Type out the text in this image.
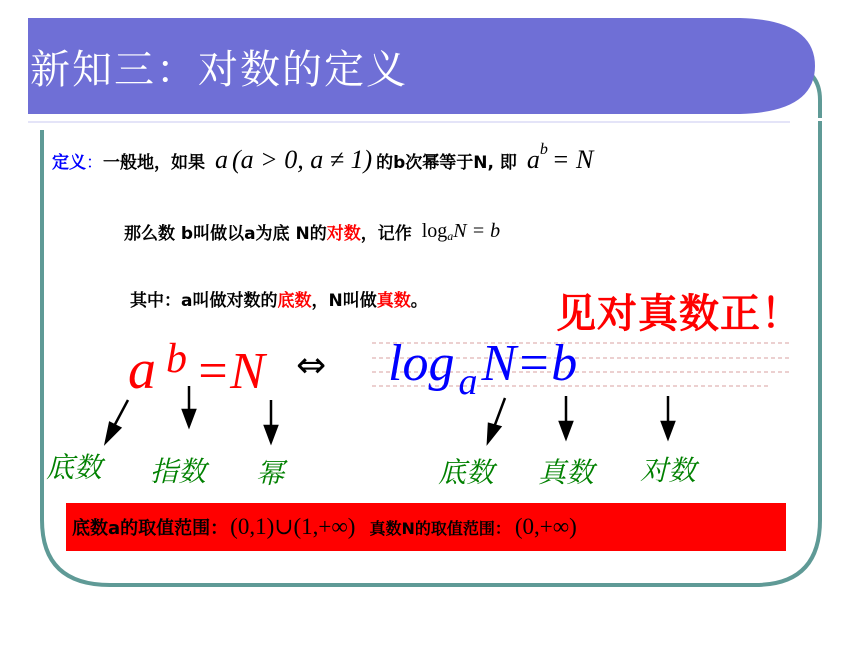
新知三：对数的定义
定义 ： 一般地，如果 a (a > 0, a ≠ 1) 的b次幂等于N, 即 $a^b = N$
那么数 b叫做以a为底 N的 对数 ，记作 $\log_a N = b$
其中：a叫做对数的 底数 ，N叫做 真数 。	见对真数正！
a b =N ⇔ log a N=b
底数 指数 幂	底数 真数 对数
底数a的取值范围： (0,1)∪(1,+∞) 真数N的取值范围： (0,+∞)
